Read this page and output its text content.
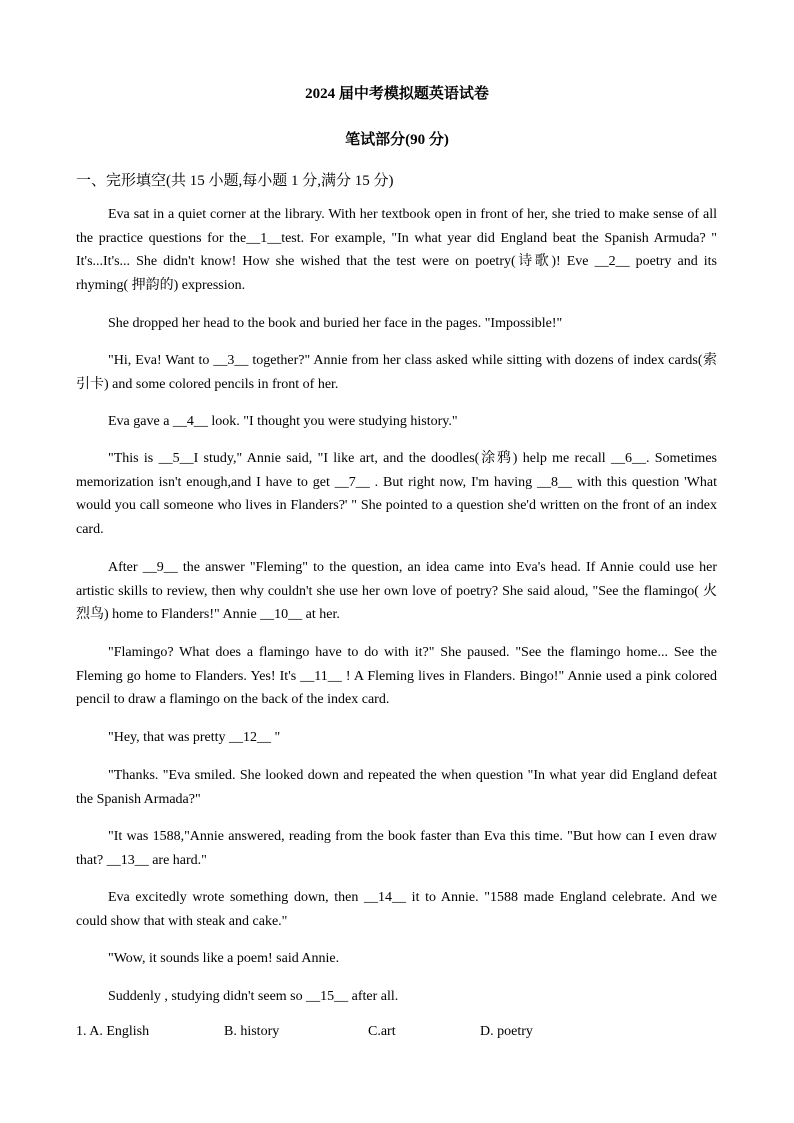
2024 届中考模拟题英语试卷
笔试部分(90 分)
一、完形填空(共 15 小题,每小题 1 分,满分 15 分)

Eva sat in a quiet corner at the library. With her textbook open in front of her, she tried to make sense of all the practice questions for the__1__test. For example, "In what year did England beat the Spanish Armuda? " It's...It's... She didn't know! How she wished that the test were on poetry(诗歌)! Eve __2__ poetry and its rhyming( 押韵的) expression.

She dropped her head to the book and buried her face in the pages. "Impossible!"

"Hi, Eva! Want to __3__ together?" Annie from her class asked while sitting with dozens of index cards(索引卡) and some colored pencils in front of her.

Eva gave a __4__ look. "I thought you were studying history."

"This is __5__I study," Annie said, "I like art, and the doodles(涂鸦) help me recall __6__. Sometimes memorization isn't enough,and I have to get __7__ . But right now, I'm having __8__ with this question 'What would you call someone who lives in Flanders?' " She pointed to a question she'd written on the front of an index card.

After __9__ the answer "Fleming" to the question, an idea came into Eva's head. If Annie could use her artistic skills to review, then why couldn't she use her own love of poetry? She said aloud, "See the flamingo( 火烈鸟) home to Flanders!" Annie __10__ at her.

"Flamingo? What does a flamingo have to do with it?" She paused. "See the flamingo home... See the Fleming go home to Flanders. Yes! It's __11__ ! A Fleming lives in Flanders. Bingo!" Annie used a pink colored pencil to draw a flamingo on the back of the index card.

"Hey, that was pretty __12__ "

"Thanks. "Eva smiled. She looked down and repeated the when question "In what year did England defeat the Spanish Armada?"

"It was 1588,"Annie answered, reading from the book faster than Eva this time. "But how can I even draw that? __13__ are hard."

Eva excitedly wrote something down, then __14__ it to Annie. "1588 made England celebrate. And we could show that with steak and cake."

"Wow, it sounds like a poem! said Annie.

Suddenly , studying didn't seem so __15__ after all.

1. A. English	B. history	C.art	D. poetry
